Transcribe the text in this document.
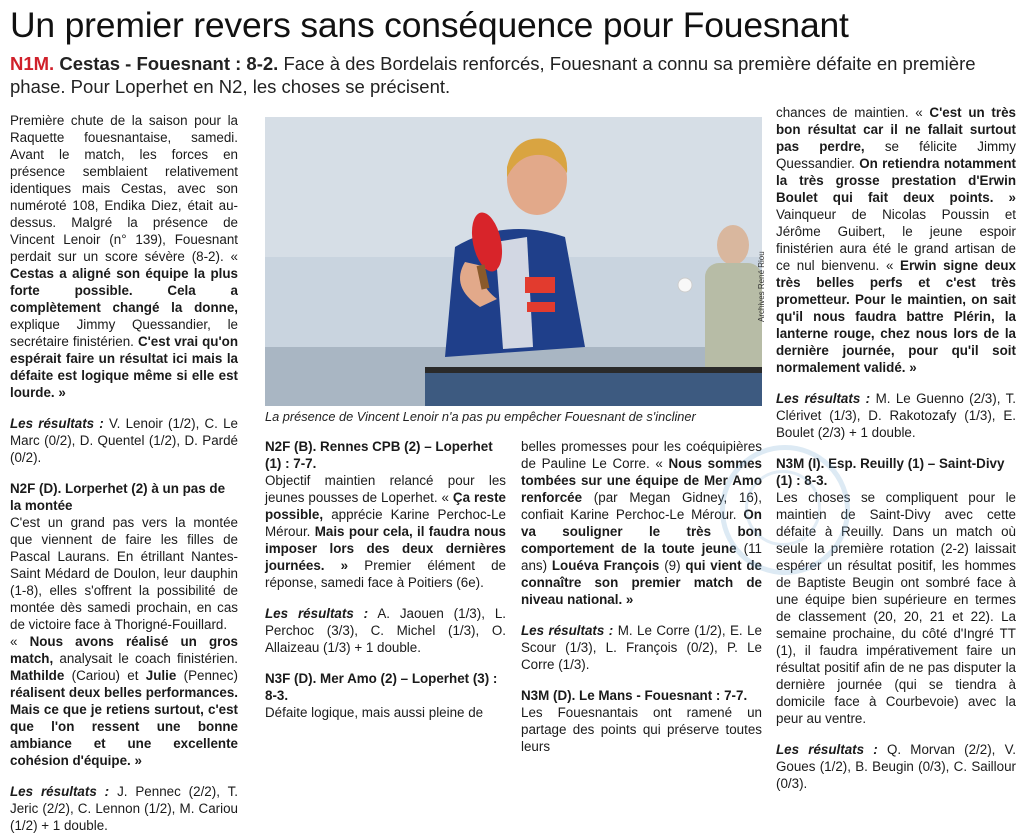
Un premier revers sans conséquence pour Fouesnant
N1M. Cestas - Fouesnant : 8-2. Face à des Bordelais renforcés, Fouesnant a connu sa première défaite en première phase. Pour Loperhet en N2, les choses se précisent.

Première chute de la saison pour la Raquette fouesnantaise, samedi. Avant le match, les forces en présence semblaient relativement identiques mais Cestas, avec son numéroté 108, Endika Diez, était au-dessus. Malgré la présence de Vincent Lenoir (n° 139), Fouesnant perdait sur un score sévère (8-2). « Cestas a aligné son équipe la plus forte possible. Cela a complètement changé la donne, explique Jimmy Quessandier, le secrétaire finistérien. C'est vrai qu'on espérait faire un résultat ici mais la défaite est logique même si elle est lourde. »

Les résultats : V. Lenoir (1/2), C. Le Marc (0/2), D. Quentel (1/2), D. Pardé (0/2).

N2F (D). Lorperhet (2) à un pas de la montée

C'est un grand pas vers la montée que viennent de faire les filles de Pascal Laurans. En étrillant Nantes-Saint Médard de Doulon, leur dauphin (1-8), elles s'offrent la possibilité de montée dès samedi prochain, en cas de victoire face à Thorigné-Fouillard.

« Nous avons réalisé un gros match, analysait le coach finistérien. Mathilde (Cariou) et Julie (Pennec) réalisent deux belles performances. Mais ce que je retiens surtout, c'est que l'on ressent une bonne ambiance et une excellente cohésion d'équipe. »

Les résultats : J. Pennec (2/2), T. Jeric (2/2), C. Lennon (1/2), M. Cariou (1/2) + 1 double.

Archives René Riou
La présence de Vincent Lenoir n'a pas pu empêcher Fouesnant de s'incliner

N2F (B). Rennes CPB (2) – Loperhet (1) : 7-7.

Objectif maintien relancé pour les jeunes pousses de Loperhet. « Ça reste possible, apprécie Karine Perchoc-Le Mérour. Mais pour cela, il faudra nous imposer lors des deux dernières journées. » Premier élément de réponse, samedi face à Poitiers (6e).

Les résultats : A. Jaouen (1/3), L. Perchoc (3/3), C. Michel (1/3), O. Allaizeau (1/3) + 1 double.

N3F (D). Mer Amo (2) – Loperhet (3) : 8-3.

Défaite logique, mais aussi pleine de

belles promesses pour les coéquipières de Pauline Le Corre. « Nous sommes tombées sur une équipe de Mer Amo renforcée (par Megan Gidney, 16), confiait Karine Perchoc-Le Mérour. On va souligner le très bon comportement de la toute jeune (11 ans) Louéva François (9) qui vient de connaître son premier match de niveau national. »

Les résultats : M. Le Corre (1/2), E. Le Scour (1/3), L. François (0/2), P. Le Corre (1/3).

N3M (D). Le Mans - Fouesnant : 7-7.

Les Fouesnantais ont ramené un partage des points qui préserve toutes leurs

chances de maintien. « C'est un très bon résultat car il ne fallait surtout pas perdre, se félicite Jimmy Quessandier. On retiendra notamment la très grosse prestation d'Erwin Boulet qui fait deux points. » Vainqueur de Nicolas Poussin et Jérôme Guibert, le jeune espoir finistérien aura été le grand artisan de ce nul bienvenu. « Erwin signe deux très belles perfs et c'est très prometteur. Pour le maintien, on sait qu'il nous faudra battre Plérin, la lanterne rouge, chez nous lors de la dernière journée, pour qu'il soit normalement validé. »

Les résultats : M. Le Guenno (2/3), T. Clérivet (1/3), D. Rakotozafy (1/3), E. Boulet (2/3) + 1 double.

N3M (I). Esp. Reuilly (1) – Saint-Divy (1) : 8-3.

Les choses se compliquent pour le maintien de Saint-Divy avec cette défaite à Reuilly. Dans un match où seule la première rotation (2-2) laissait espérer un résultat positif, les hommes de Baptiste Beugin ont sombré face à une équipe bien supérieure en termes de classement (20, 20, 21 et 22). La semaine prochaine, du côté d'Ingré TT (1), il faudra impérativement faire un résultat positif afin de ne pas disputer la dernière journée (qui se tiendra à domicile face à Courbevoie) avec la peur au ventre.

Les résultats : Q. Morvan (2/2), V. Goues (1/2), B. Beugin (0/3), C. Saillour (0/3).
